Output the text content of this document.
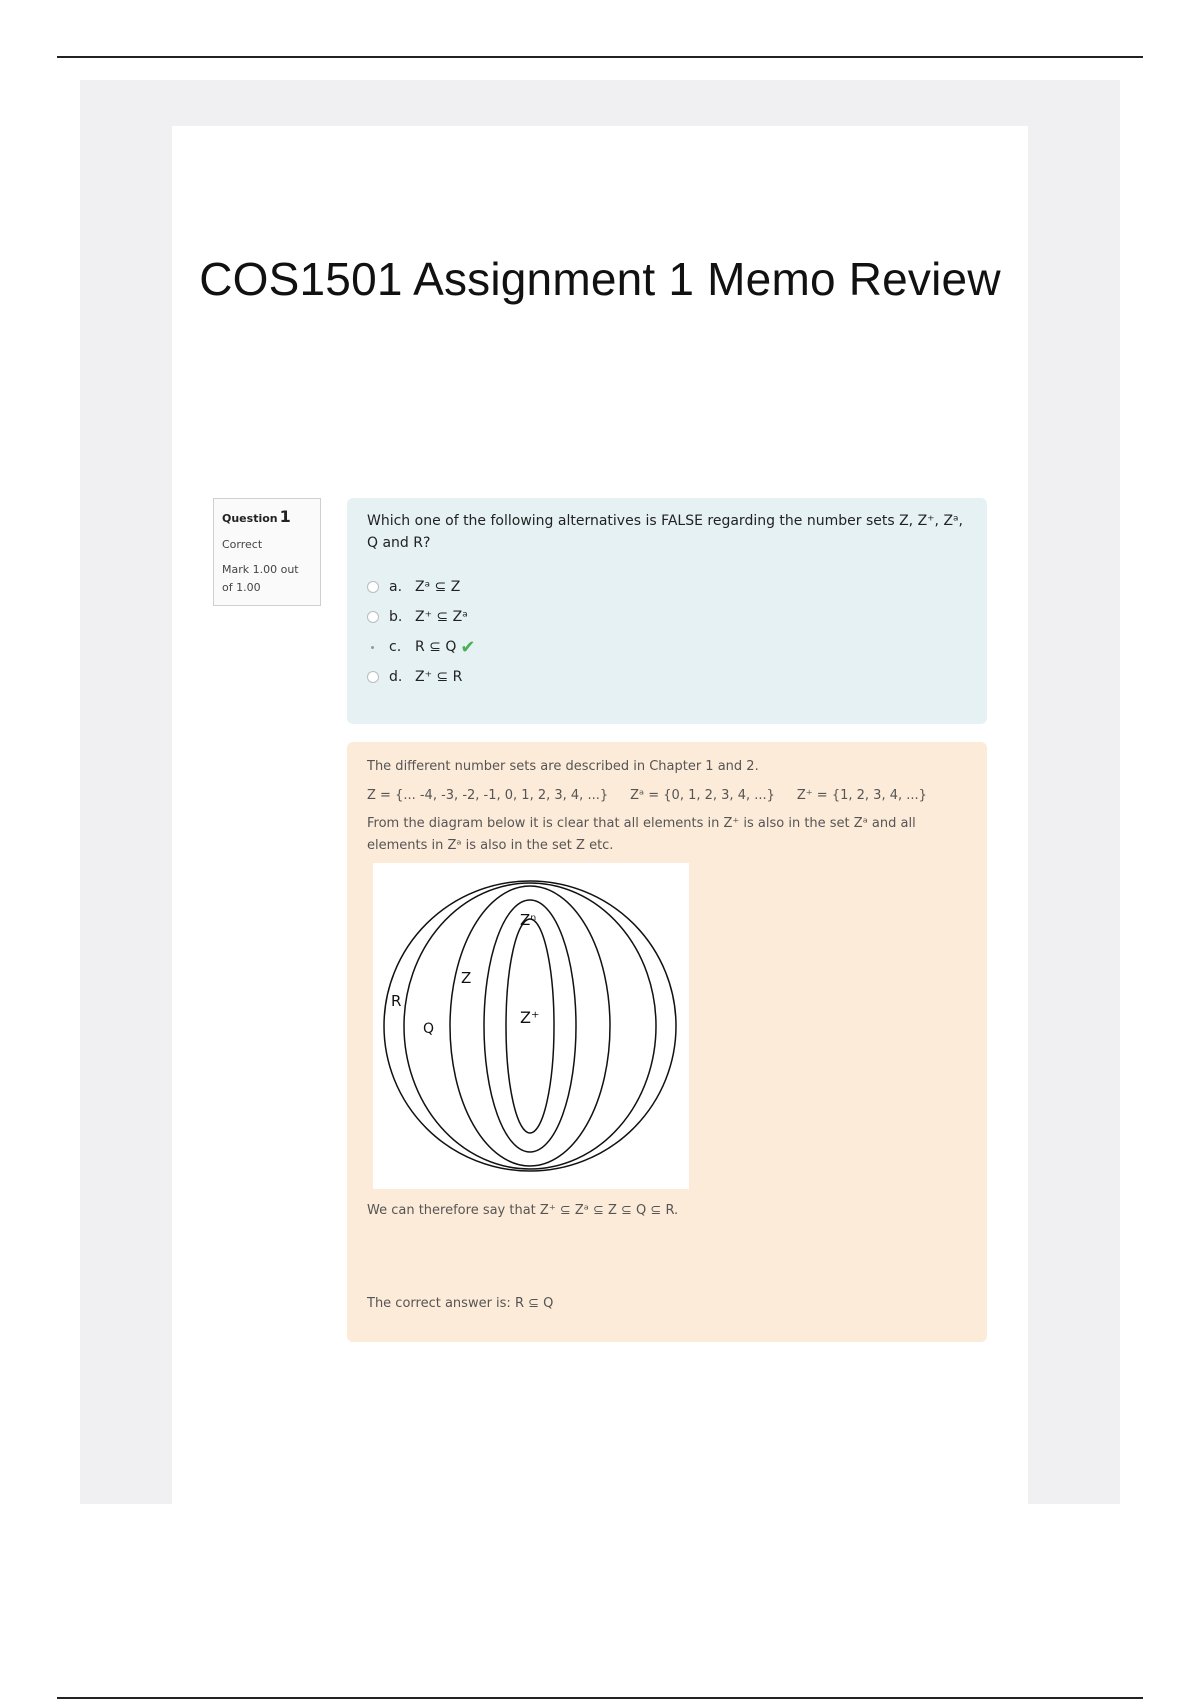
COS1501 Assignment 1 Memo Review
Question 1
Correct
Mark 1.00 out of 1.00
Which one of the following alternatives is FALSE regarding the number sets Z, Z⁺, Zᵃ, Q and R?
a. Zᵃ ⊆ Z
b. Z⁺ ⊆ Zᵃ
c. R ⊆ Q ✔
d. Z⁺ ⊆ R
The different number sets are described in Chapter 1 and 2.
Z = {... -4, -3, -2, -1, 0, 1, 2, 3, 4, ...} Zᵃ = {0, 1, 2, 3, 4, ...} Z⁺ = {1, 2, 3, 4, ...}
From the diagram below it is clear that all elements in Z⁺ is also in the set Zᵃ and all elements in Zᵃ is also in the set Z etc.
R
Q
Z
Zⁿ
Z⁺
We can therefore say that Z⁺ ⊆ Zᵃ ⊆ Z ⊆ Q ⊆ R.
The correct answer is: R ⊆ Q
